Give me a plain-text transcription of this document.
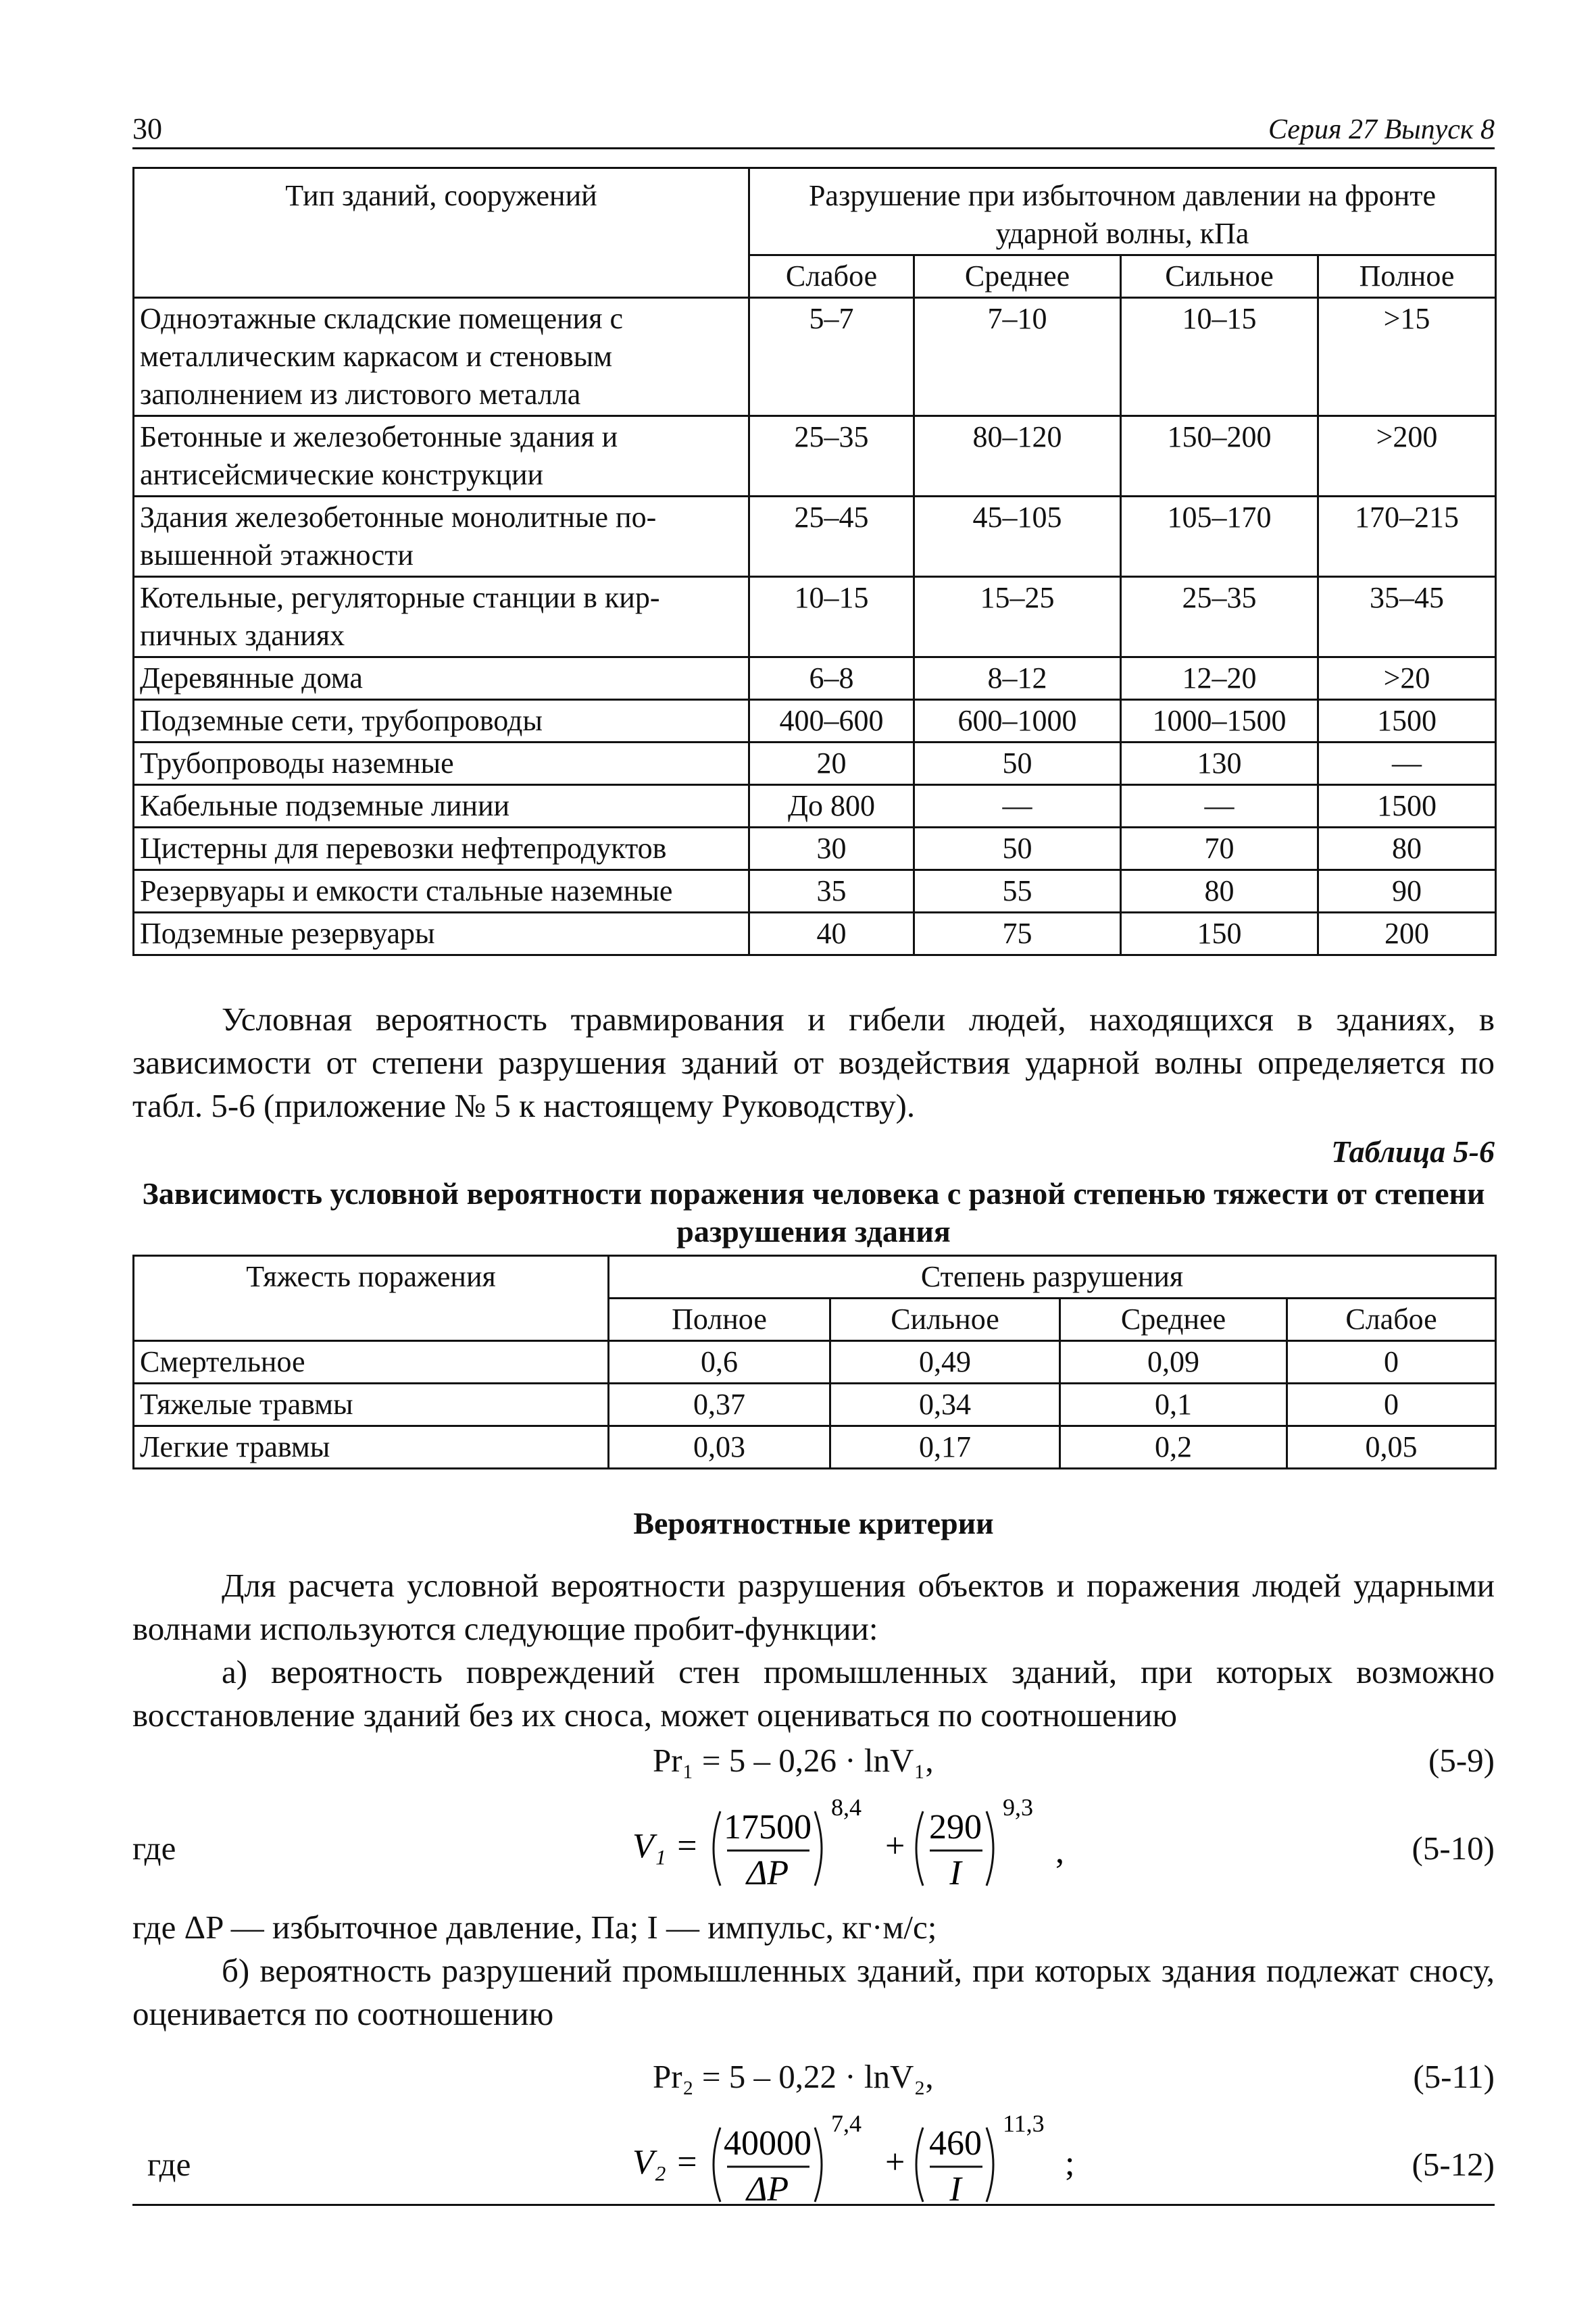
30	Серия 27 Выпуск 8
Тип зданий, сооружений	Разрушение при избыточном давлении на фронте ударной волны, кПа			
	Слабое	Среднее	Сильное	Полное
Одноэтажные складские помещения с металлическим каркасом и стеновым заполнением из листового металла	5–7	7–10	10–15	>15
Бетонные и железобетонные здания и антисейсмические конструкции	25–35	80–120	150–200	>200
Здания железобетонные монолитные повышенной этажности	25–45	45–105	105–170	170–215
Котельные, регуляторные станции в кирпичных зданиях	10–15	15–25	25–35	35–45
Деревянные дома	6–8	8–12	12–20	>20
Подземные сети, трубопроводы	400–600	600–1000	1000–1500	1500
Трубопроводы наземные	20	50	130	—
Кабельные подземные линии	До 800	—	—	1500
Цистерны для перевозки нефтепродуктов	30	50	70	80
Резервуары и емкости стальные наземные	35	55	80	90
Подземные резервуары	40	75	150	200

Условная вероятность травмирования и гибели людей, находящихся в зданиях, в зависимости от степени разрушения зданий от воздействия ударной волны определяется по табл. 5-6 (приложение № 5 к настоящему Руководству).

Таблица 5-6
Зависимость условной вероятности поражения человека с разной степенью тяжести от степени разрушения здания
Тяжесть поражения	Степень разрушения			
	Полное	Сильное	Среднее	Слабое
Смертельное	0,6	0,49	0,09	0
Тяжелые травмы	0,37	0,34	0,1	0
Легкие травмы	0,03	0,17	0,2	0,05
Вероятностные критерии

Для расчета условной вероятности разрушения объектов и поражения людей ударными волнами используются следующие пробит-функции:

а) вероятность повреждений стен промышленных зданий, при которых возможно восстановление зданий без их сноса, может оцениваться по соотношению

Pr₁ = 5 – 0,26 · lnV₁,	(5-9)
где	V₁ = 17500
ΔP
8,4
+ 290
I
9,3
,	(5-10)

где ΔP — избыточное давление, Па; I — импульс, кг·м/с;

б) вероятность разрушений промышленных зданий, при которых здания подлежат сносу, оценивается по соотношению

Pr₂ = 5 – 0,22 · lnV₂,	(5-11)
где	V₂ = 40000
ΔP
7,4
+ 460
I
11,3
;	(5-12)
